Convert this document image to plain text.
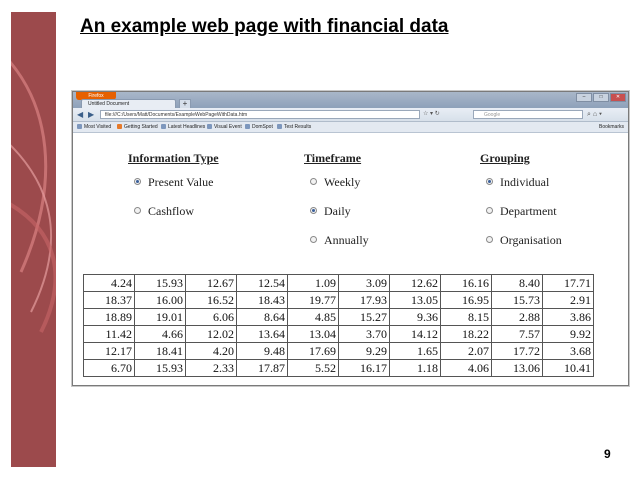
An example web page with financial data
Firefox
Untitled Document	+
–	□	✕
◀ ▶	file:///C:/Users/Matt/Documents/ExampleWebPageWithData.htm	☆ ▾ ↻	Google	⌕ ⌂ ▾
Most Visited	Getting Started	Latest Headlines	Visual Event	DomSpot	Test Results	Bookmarks
Information Type
Present Value
Cashflow
Timeframe
Weekly
Daily
Annually
Grouping
Individual
Department
Organisation
4.24	15.93	12.67	12.54	1.09	3.09	12.62	16.16	8.40	17.71
18.37	16.00	16.52	18.43	19.77	17.93	13.05	16.95	15.73	2.91
18.89	19.01	6.06	8.64	4.85	15.27	9.36	8.15	2.88	3.86
11.42	4.66	12.02	13.64	13.04	3.70	14.12	18.22	7.57	9.92
12.17	18.41	4.20	9.48	17.69	9.29	1.65	2.07	17.72	3.68
6.70	15.93	2.33	17.87	5.52	16.17	1.18	4.06	13.06	10.41
9
